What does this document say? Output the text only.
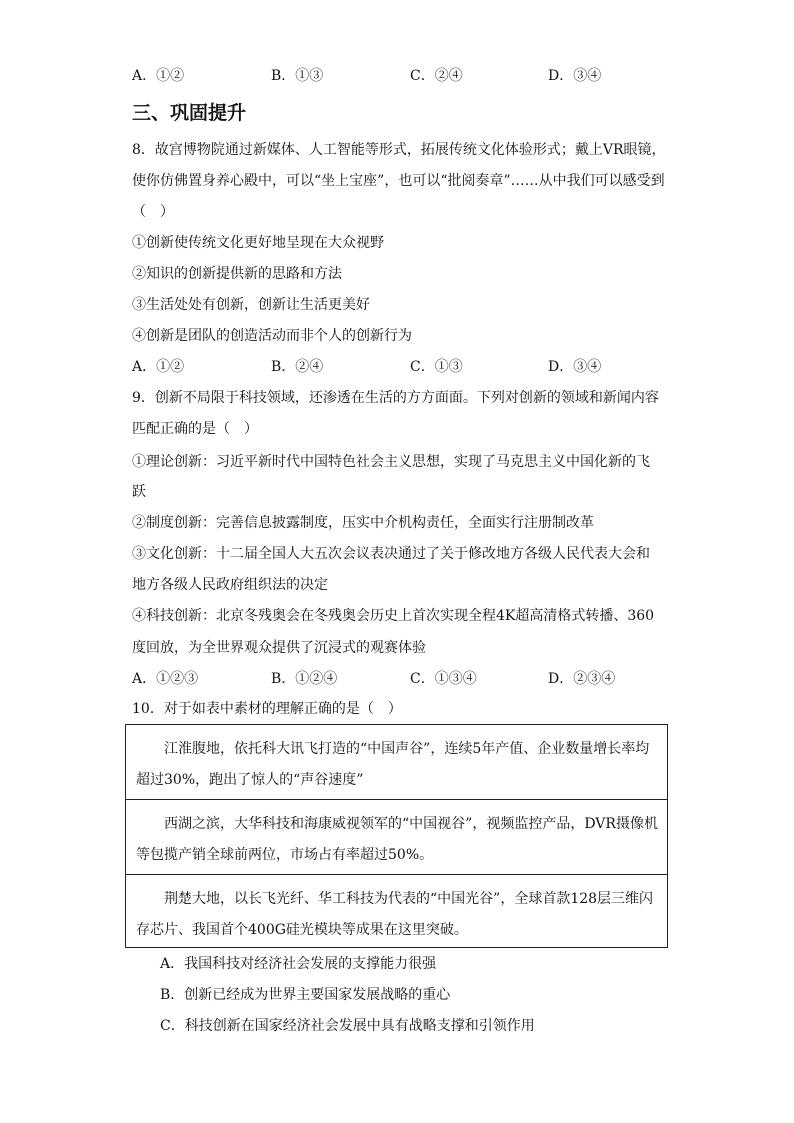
A．①②	B．①③	C．②④	D．③④
三、巩固提升
8．故宫博物院通过新媒体、人工智能等形式，拓展传统文化体验形式；戴上VR眼镜，
使你仿佛置身养心殿中，可以“坐上宝座”，也可以“批阅奏章”……从中我们可以感受到
（　）
①创新使传统文化更好地呈现在大众视野
②知识的创新提供新的思路和方法
③生活处处有创新，创新让生活更美好
④创新是团队的创造活动而非个人的创新行为
A．①②	B．②④	C．①③	D．③④
9．创新不局限于科技领域，还渗透在生活的方方面面。下列对创新的领域和新闻内容
匹配正确的是（　）
①理论创新：习近平新时代中国特色社会主义思想，实现了马克思主义中国化新的飞
跃
②制度创新：完善信息披露制度，压实中介机构责任，全面实行注册制改革
③文化创新：十二届全国人大五次会议表决通过了关于修改地方各级人民代表大会和
地方各级人民政府组织法的决定
④科技创新：北京冬残奥会在冬残奥会历史上首次实现全程4K超高清格式转播、360
度回放，为全世界观众提供了沉浸式的观赛体验
A．①②③	B．①②④	C．①③④	D．②③④
10．对于如表中素材的理解正确的是（　）
江淮腹地，依托科大讯飞打造的“中国声谷”，连续5年产值、企业数量增长率均超过30%，跑出了惊人的“声谷速度”
西湖之滨，大华科技和海康威视领军的“中国视谷”，视频监控产品，DVR摄像机等包揽产销全球前两位，市场占有率超过50%。
荆楚大地，以长飞光纤、华工科技为代表的“中国光谷”，全球首款128层三维闪存芯片、我国首个400G硅光模块等成果在这里突破。
A．我国科技对经济社会发展的支撑能力很强
B．创新已经成为世界主要国家发展战略的重心
C．科技创新在国家经济社会发展中具有战略支撑和引领作用
